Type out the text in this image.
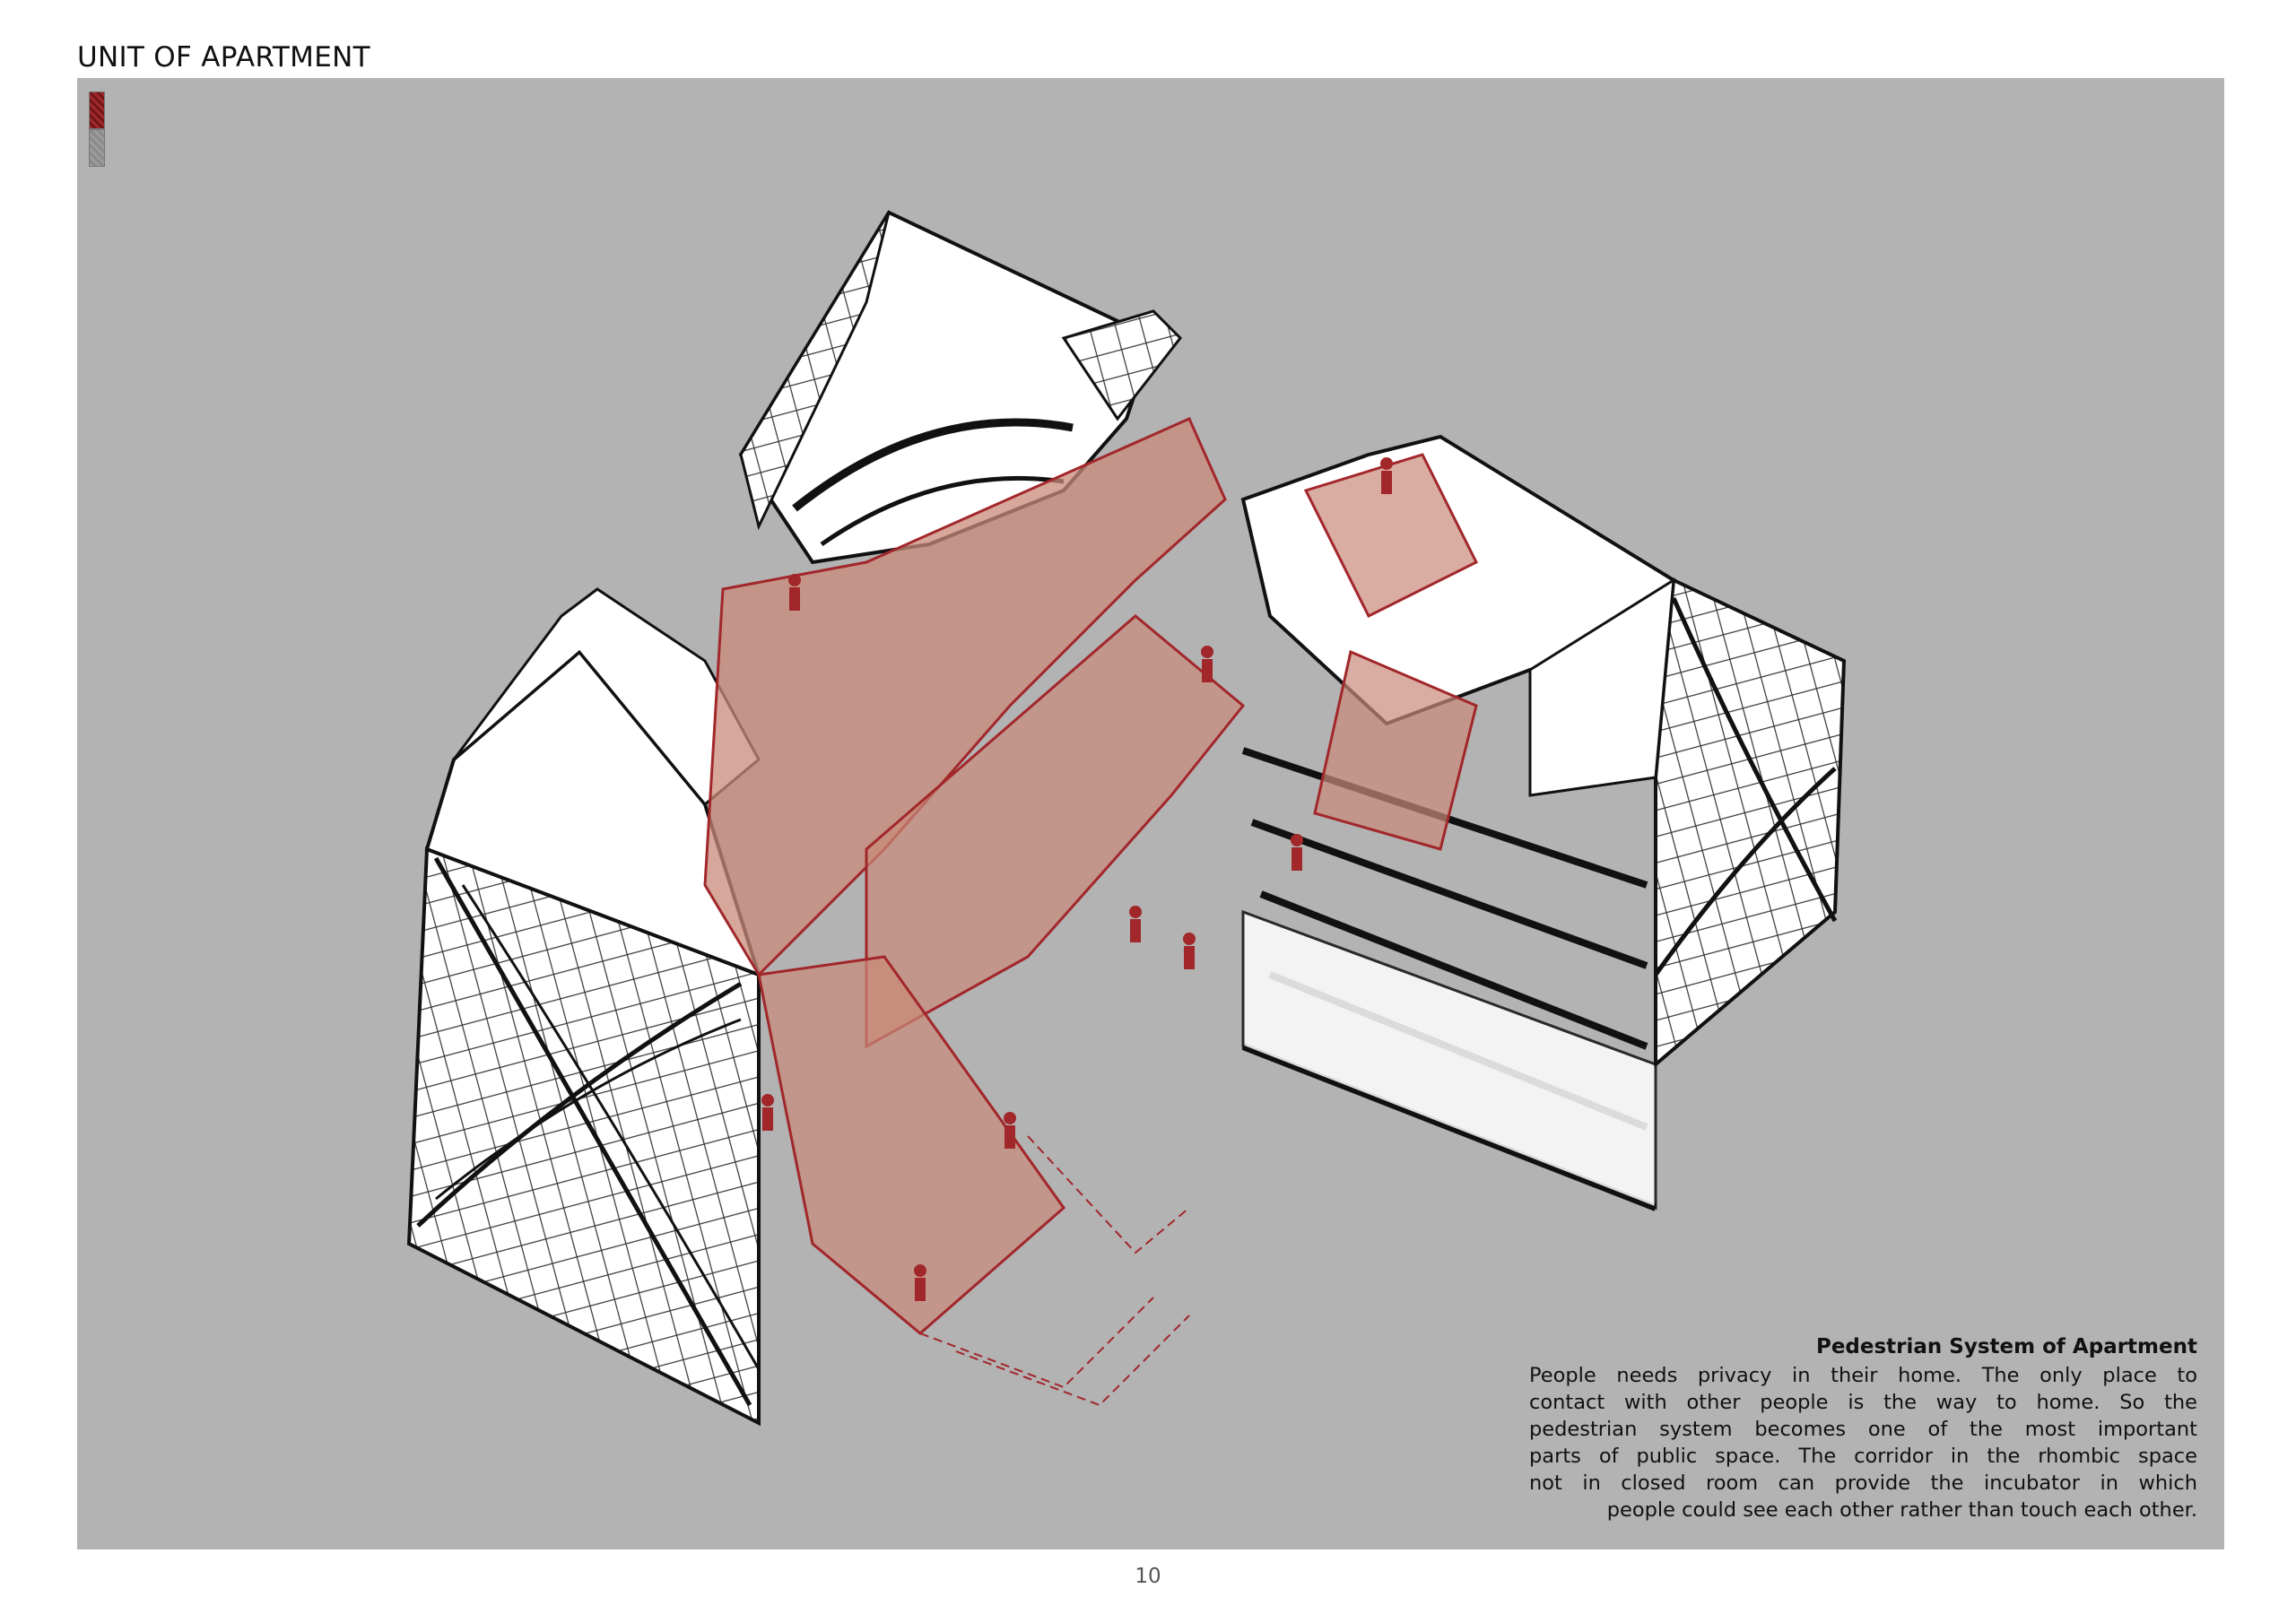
UNIT OF APARTMENT
Pedestrian System of Apartment
People needs privacy in their home. The only place to
contact with other people is the way to home. So the
pedestrian system becomes one of the most important
parts of public space. The corridor in the rhombic space
not in closed room can provide the incubator in which
people could see each other rather than touch each other.
10
